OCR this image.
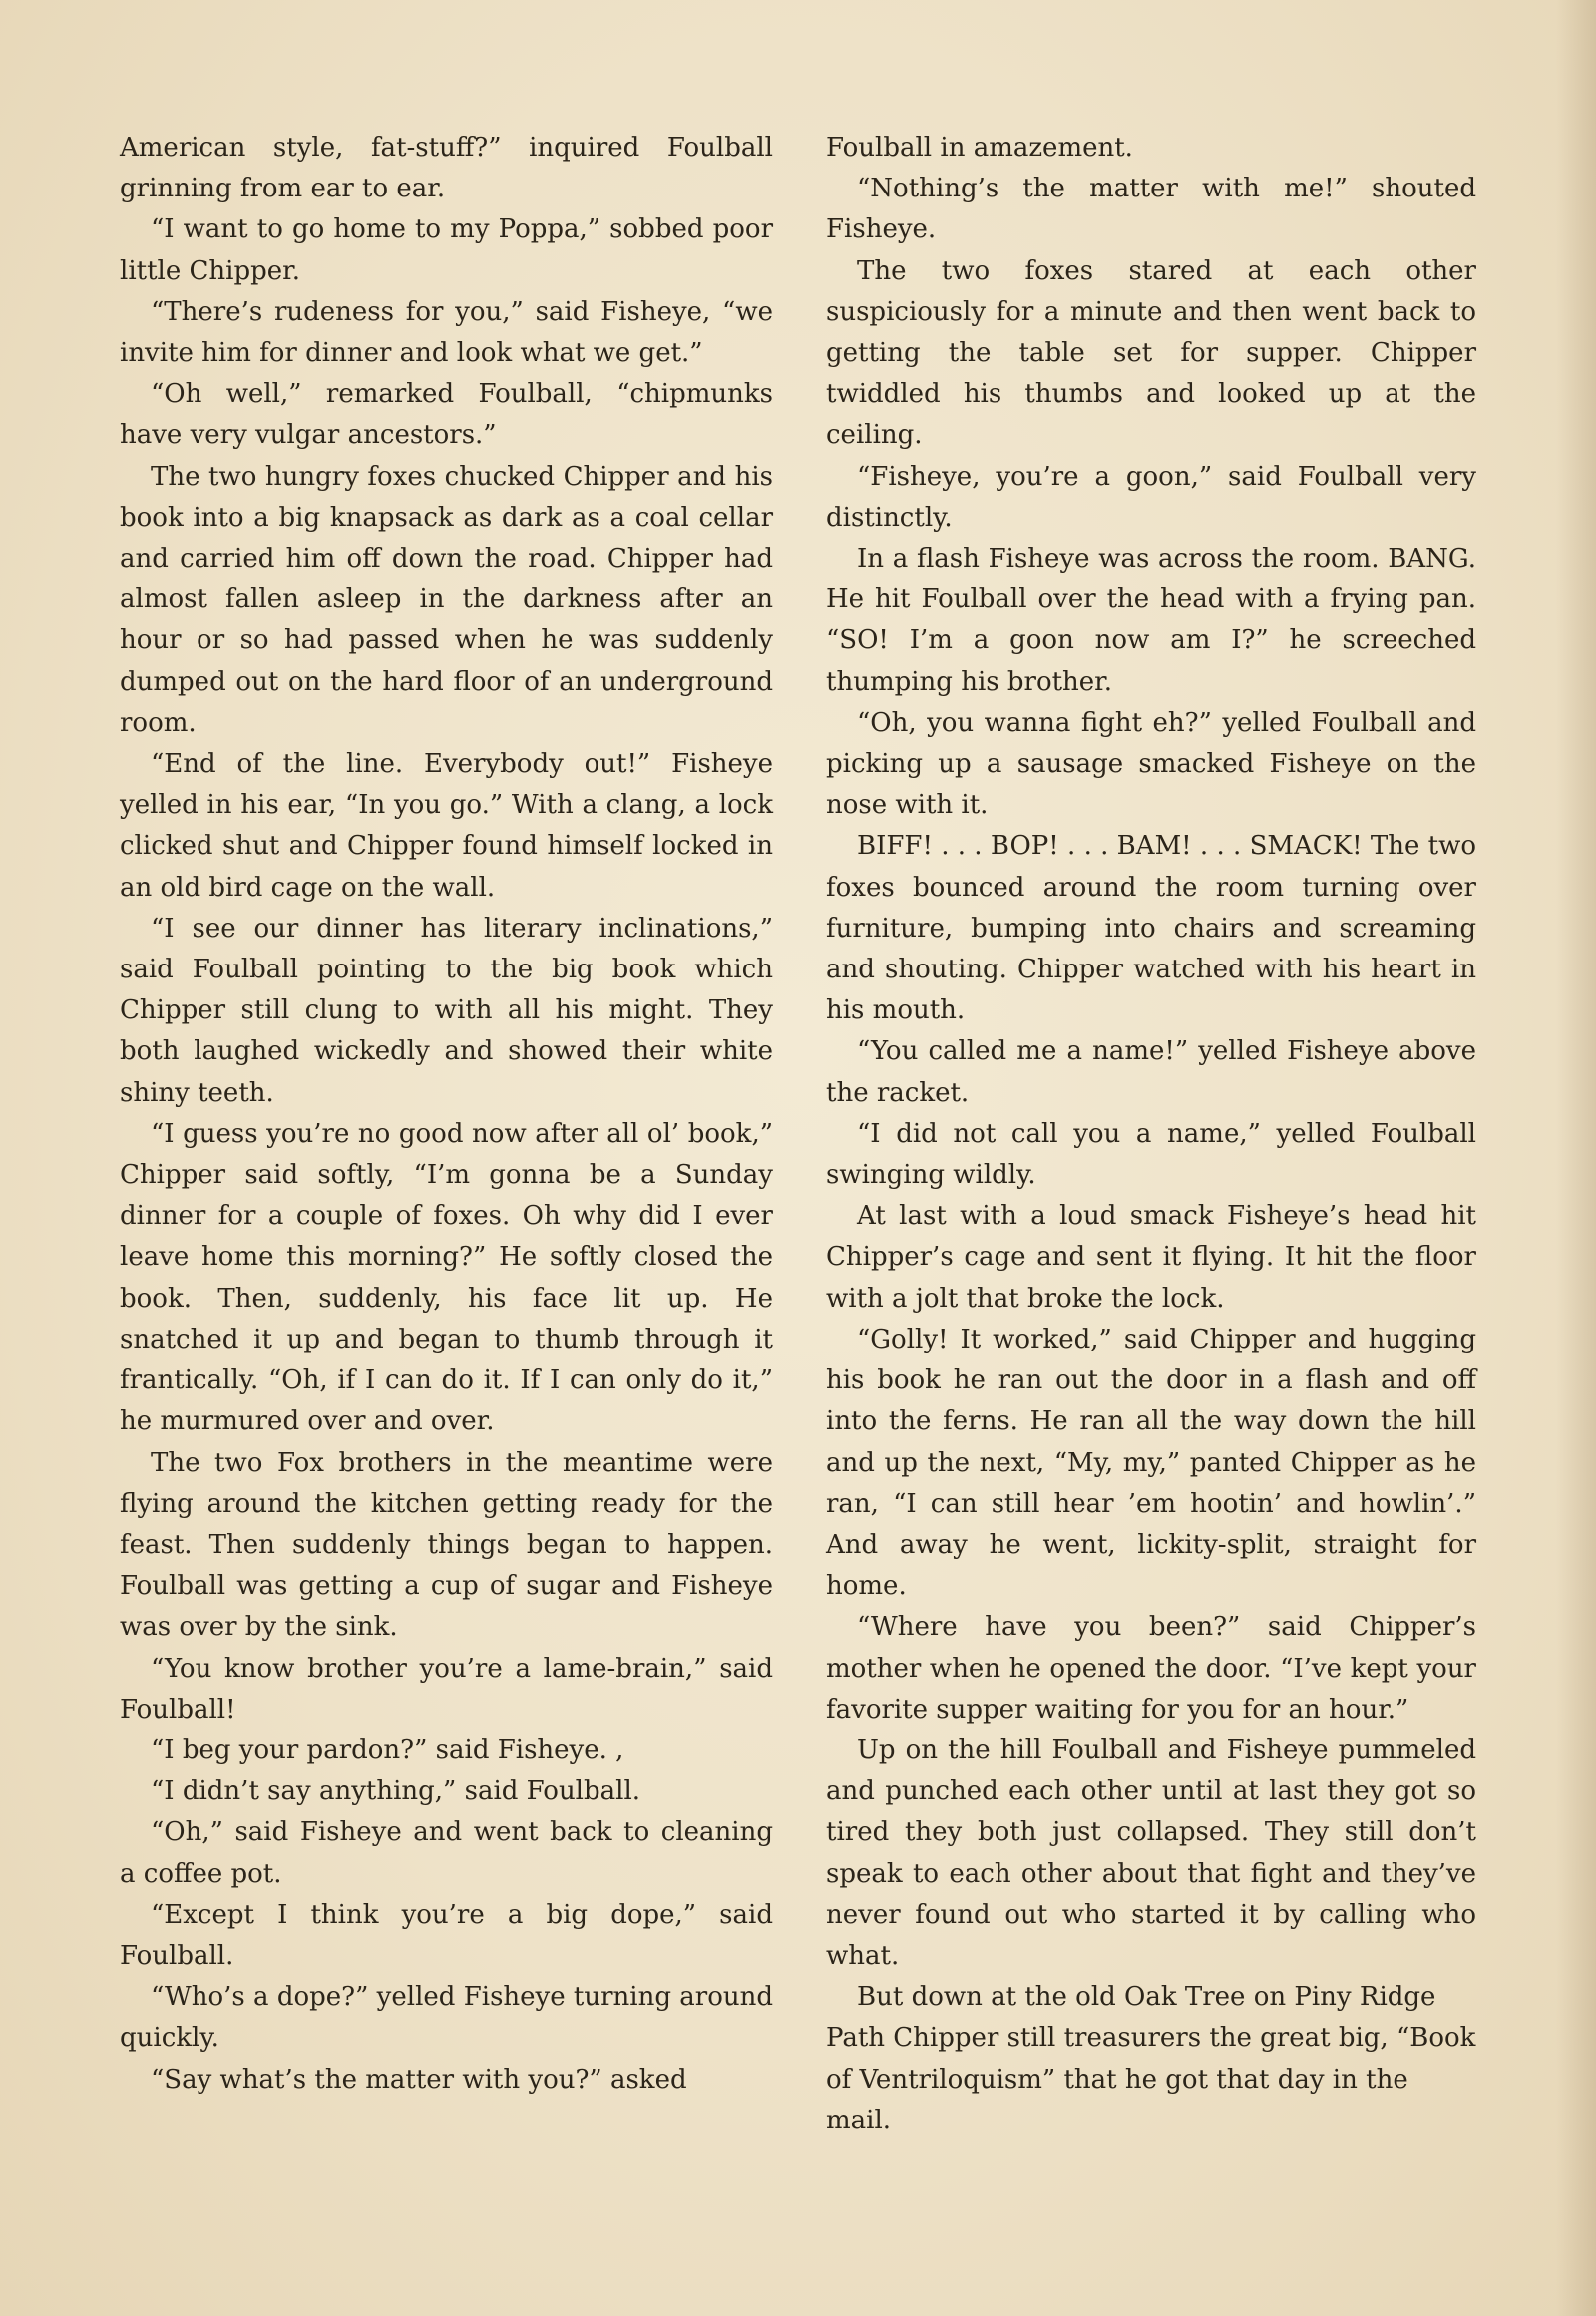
American style, fat-stuff?” inquired Foulball grinning from ear to ear.

“I want to go home to my Poppa,” sobbed poor little Chipper.

“There’s rudeness for you,” said Fisheye, “we invite him for dinner and look what we get.”

“Oh well,” remarked Foulball, “chipmunks have very vulgar ancestors.”

The two hungry foxes chucked Chipper and his book into a big knapsack as dark as a coal cellar and carried him off down the road. Chipper had almost fallen asleep in the darkness after an hour or so had passed when he was suddenly dumped out on the hard floor of an underground room.

“End of the line. Everybody out!” Fisheye yelled in his ear, “In you go.” With a clang, a lock clicked shut and Chipper found himself locked in an old bird cage on the wall.

“I see our dinner has literary inclinations,” said Foulball pointing to the big book which Chipper still clung to with all his might. They both laughed wickedly and showed their white shiny teeth.

“I guess you’re no good now after all ol’ book,” Chipper said softly, “I’m gonna be a Sunday dinner for a couple of foxes. Oh why did I ever leave home this morning?” He softly closed the book. Then, suddenly, his face lit up. He snatched it up and began to thumb through it frantically. “Oh, if I can do it. If I can only do it,” he murmured over and over.

The two Fox brothers in the meantime were flying around the kitchen getting ready for the feast. Then suddenly things began to happen. Foulball was getting a cup of sugar and Fisheye was over by the sink.

“You know brother you’re a lame-brain,” said Foulball!

“I beg your pardon?” said Fisheye. ,

“I didn’t say anything,” said Foulball.

“Oh,” said Fisheye and went back to cleaning a coffee pot.

“Except I think you’re a big dope,” said Foulball.

“Who’s a dope?” yelled Fisheye turning around quickly.

“Say what’s the matter with you?” asked

Foulball in amazement.

“Nothing’s the matter with me!” shouted Fisheye.

The two foxes stared at each other suspiciously for a minute and then went back to getting the table set for supper. Chipper twiddled his thumbs and looked up at the ceiling.

“Fisheye, you’re a goon,” said Foulball very distinctly.

In a flash Fisheye was across the room. BANG. He hit Foulball over the head with a frying pan. “SO! I’m a goon now am I?” he screeched thumping his brother.

“Oh, you wanna fight eh?” yelled Foulball and picking up a sausage smacked Fisheye on the nose with it.

BIFF! . . . BOP! . . . BAM! . . . SMACK! The two foxes bounced around the room turning over furniture, bumping into chairs and screaming and shouting. Chipper watched with his heart in his mouth.

“You called me a name!” yelled Fisheye above the racket.

“I did not call you a name,” yelled Foulball swinging wildly.

At last with a loud smack Fisheye’s head hit Chipper’s cage and sent it flying. It hit the floor with a jolt that broke the lock.

“Golly! It worked,” said Chipper and hugging his book he ran out the door in a flash and off into the ferns. He ran all the way down the hill and up the next, “My, my,” panted Chipper as he ran, “I can still hear ’em hootin’ and howlin’.” And away he went, lickity-split, straight for home.

“Where have you been?” said Chipper’s mother when he opened the door. “I’ve kept your favorite supper waiting for you for an hour.”

Up on the hill Foulball and Fisheye pummeled and punched each other until at last they got so tired they both just collapsed. They still don’t speak to each other about that fight and they’ve never found out who started it by calling who what.

But down at the old Oak Tree on Piny Ridge Path Chipper still treasurers the great big, “Book of Ventriloquism” that he got that day in the mail.
